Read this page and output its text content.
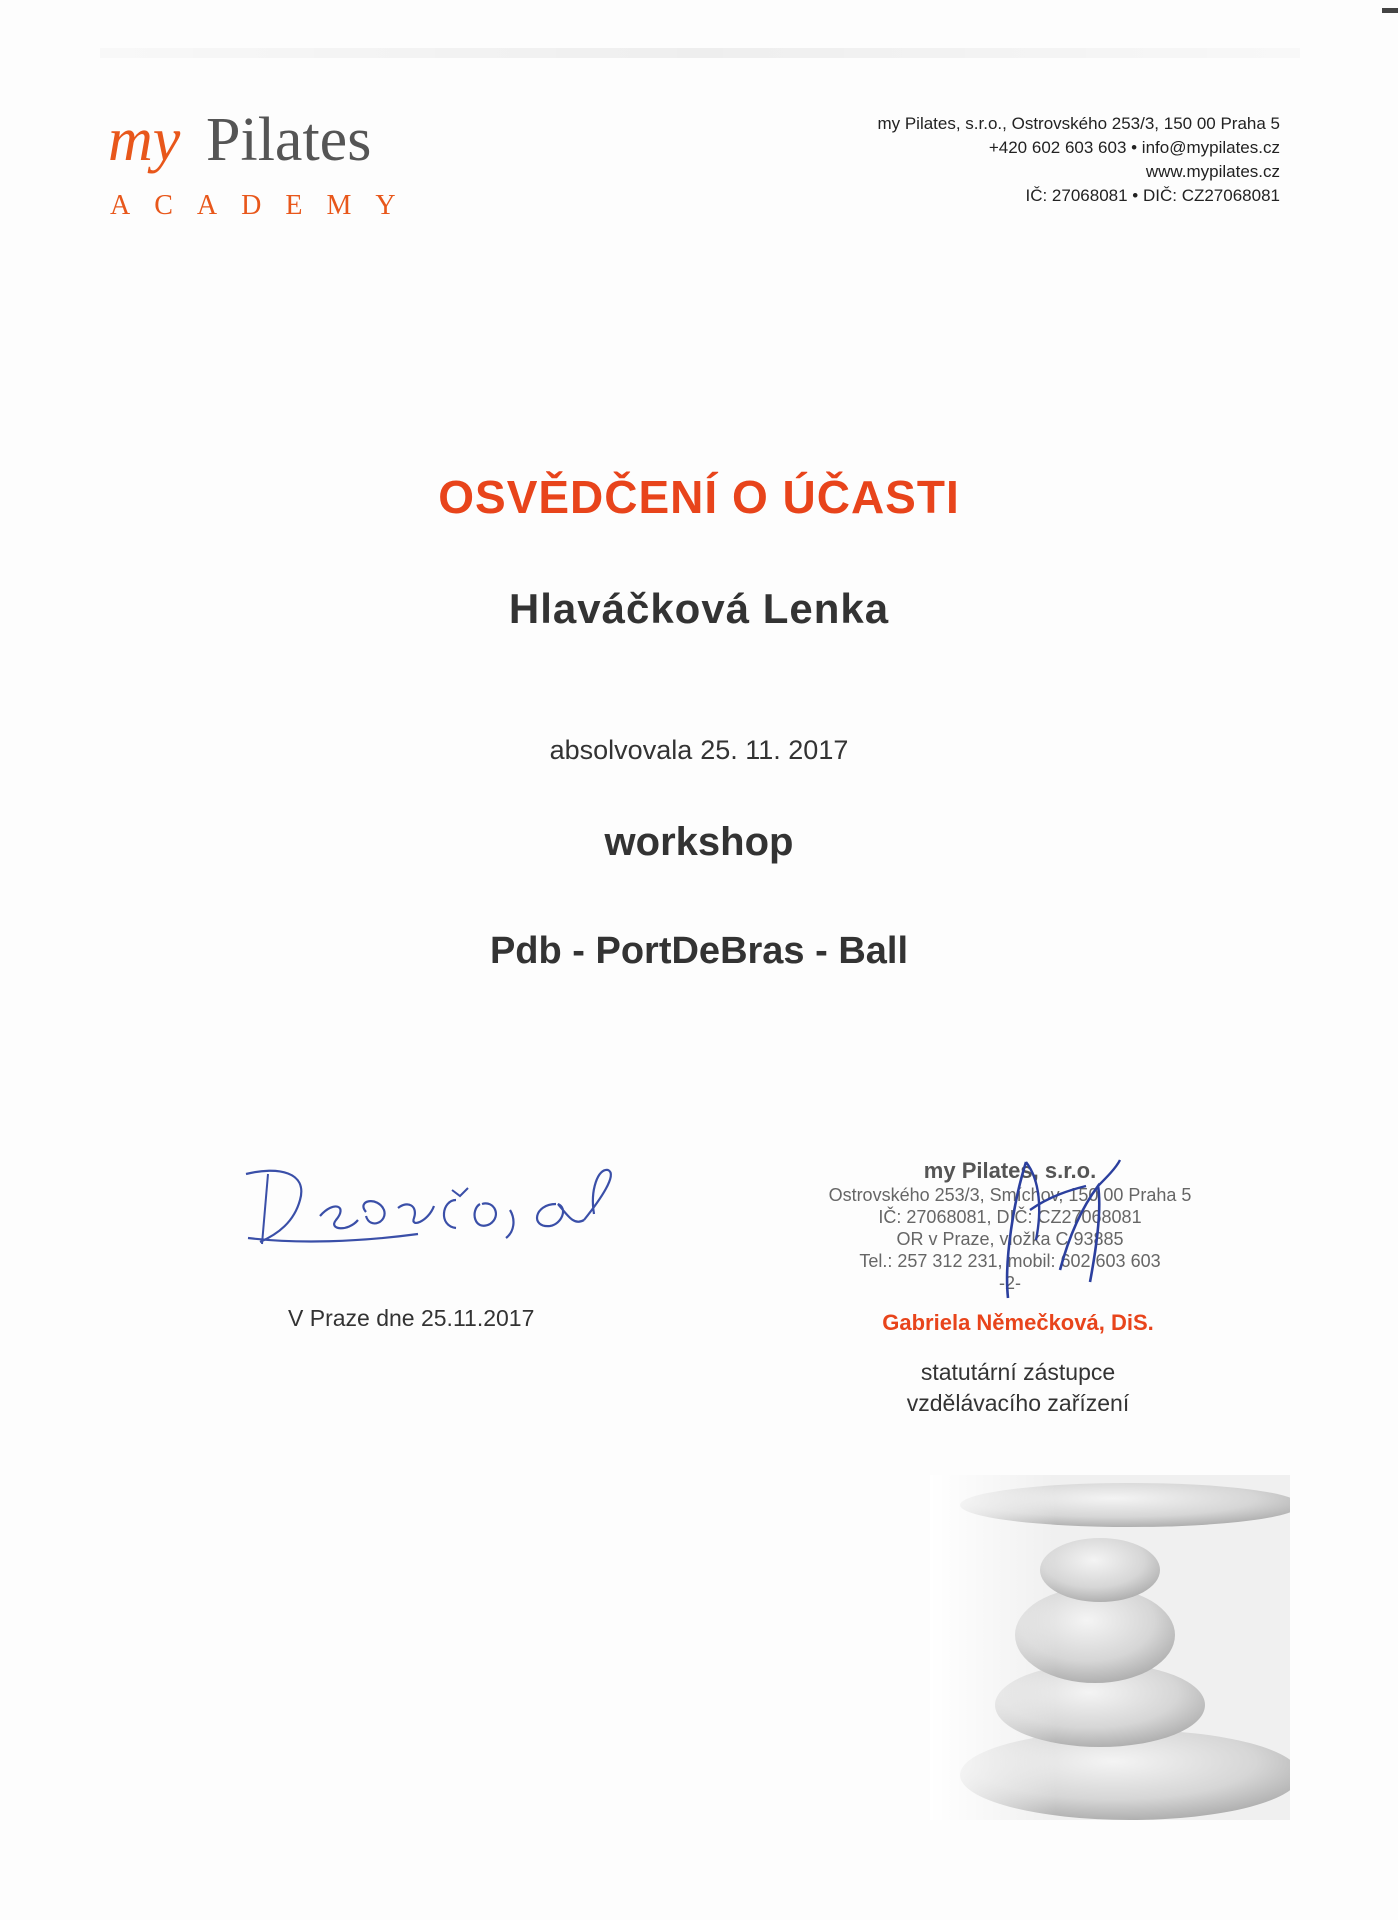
my Pilates
ACADEMY
my Pilates, s.r.o., Ostrovského 253/3, 150 00 Praha 5
+420 602 603 603 • info@mypilates.cz
www.mypilates.cz
IČ: 27068081 • DIČ: CZ27068081
OSVĚDČENÍ O ÚČASTI
Hlaváčková Lenka
absolvovala 25. 11. 2017
workshop
Pdb - PortDeBras - Ball
V Praze dne 25.11.2017
my Pilates, s.r.o.
Ostrovského 253/3, Smíchov, 150 00 Praha 5
IČ: 27068081, DIČ: CZ27068081
OR v Praze, vložka C 93885
Tel.: 257 312 231, mobil: 602 603 603
-2-
Gabriela Němečková, DiS.
statutární zástupce
vzdělávacího zařízení
